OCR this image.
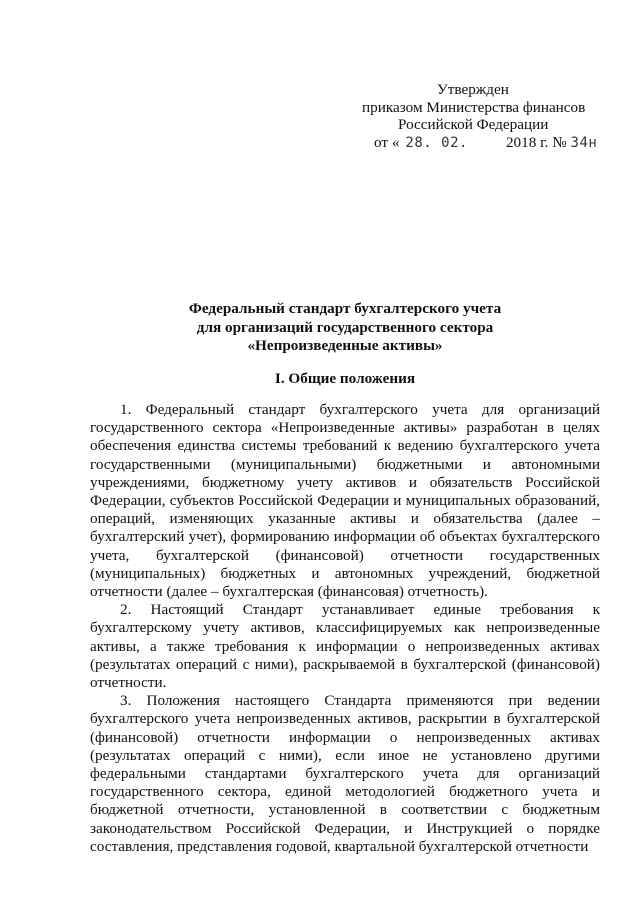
Утвержден
приказом Министерства финансов
Российской Федерации
от « 28. 02.	2018 г. № 34н
Федеральный стандарт бухгалтерского учета
для организаций государственного сектора
«Непроизведенные активы»
I. Общие положения

1. Федеральный стандарт бухгалтерского учета для организаций государственного сектора «Непроизведенные активы» разработан в целях обеспечения единства системы требований к ведению бухгалтерского учета государственными (муниципальными) бюджетными и автономными учреждениями, бюджетному учету активов и обязательств Российской Федерации, субъектов Российской Федерации и муниципальных образований, операций, изменяющих указанные активы и обязательства (далее – бухгалтерский учет), формированию информации об объектах бухгалтерского учета, бухгалтерской (финансовой) отчетности государственных (муниципальных) бюджетных и автономных учреждений, бюджетной отчетности (далее – бухгалтерская (финансовая) отчетность).

2. Настоящий Стандарт устанавливает единые требования к бухгалтерскому учету активов, классифицируемых как непроизведенные активы, а также требования к информации о непроизведенных активах (результатах операций с ними), раскрываемой в бухгалтерской (финансовой) отчетности.

3. Положения настоящего Стандарта применяются при ведении бухгалтерского учета непроизведенных активов, раскрытии в бухгалтерской (финансовой) отчетности информации о непроизведенных активах (результатах операций с ними), если иное не установлено другими федеральными стандартами бухгалтерского учета для организаций государственного сектора, единой методологией бюджетного учета и бюджетной отчетности, установленной в соответствии с бюджетным законодательством Российской Федерации, и Инструкцией о порядке составления, представления годовой, квартальной бухгалтерской отчетности
